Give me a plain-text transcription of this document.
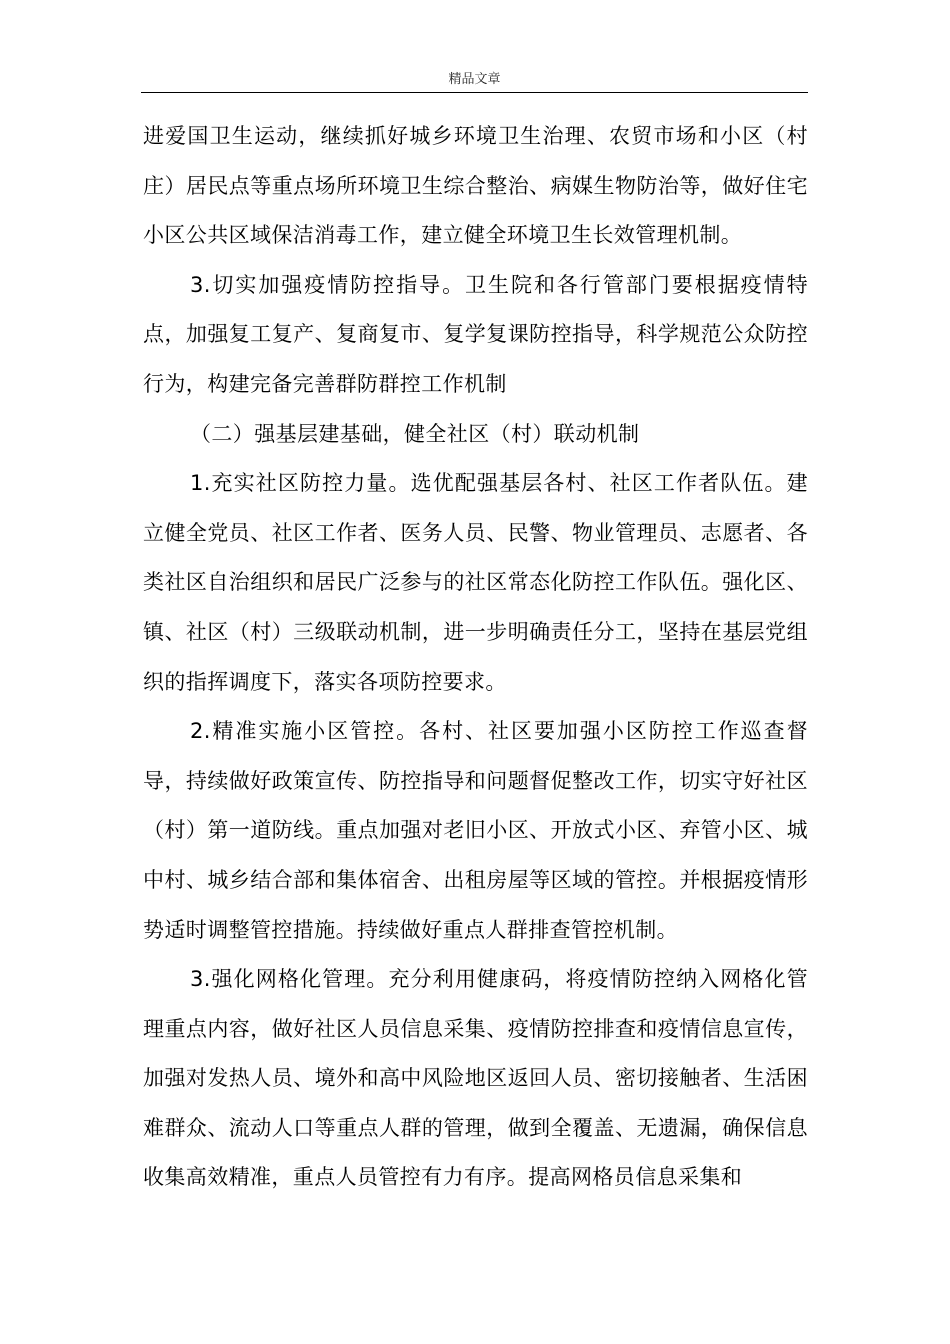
精品文章

进爱国卫生运动，继续抓好城乡环境卫生治理、农贸市场和小区（村庄）居民点等重点场所环境卫生综合整治、病媒生物防治等，做好住宅小区公共区域保洁消毒工作，建立健全环境卫生长效管理机制。

3.切实加强疫情防控指导。卫生院和各行管部门要根据疫情特点，加强复工复产、复商复市、复学复课防控指导，科学规范公众防控行为，构建完备完善群防群控工作机制

（二）强基层建基础，健全社区（村）联动机制

1.充实社区防控力量。选优配强基层各村、社区工作者队伍。建立健全党员、社区工作者、医务人员、民警、物业管理员、志愿者、各类社区自治组织和居民广泛参与的社区常态化防控工作队伍。强化区、镇、社区（村）三级联动机制，进一步明确责任分工，坚持在基层党组织的指挥调度下，落实各项防控要求。

2.精准实施小区管控。各村、社区要加强小区防控工作巡查督导，持续做好政策宣传、防控指导和问题督促整改工作，切实守好社区（村）第一道防线。重点加强对老旧小区、开放式小区、弃管小区、城中村、城乡结合部和集体宿舍、出租房屋等区域的管控。并根据疫情形势适时调整管控措施。持续做好重点人群排查管控机制。

3.强化网格化管理。充分利用健康码，将疫情防控纳入网格化管理重点内容，做好社区人员信息采集、疫情防控排查和疫情信息宣传，加强对发热人员、境外和高中风险地区返回人员、密切接触者、生活困难群众、流动人口等重点人群的管理，做到全覆盖、无遗漏，确保信息收集高效精准，重点人员管控有力有序。提高网格员信息采集和
